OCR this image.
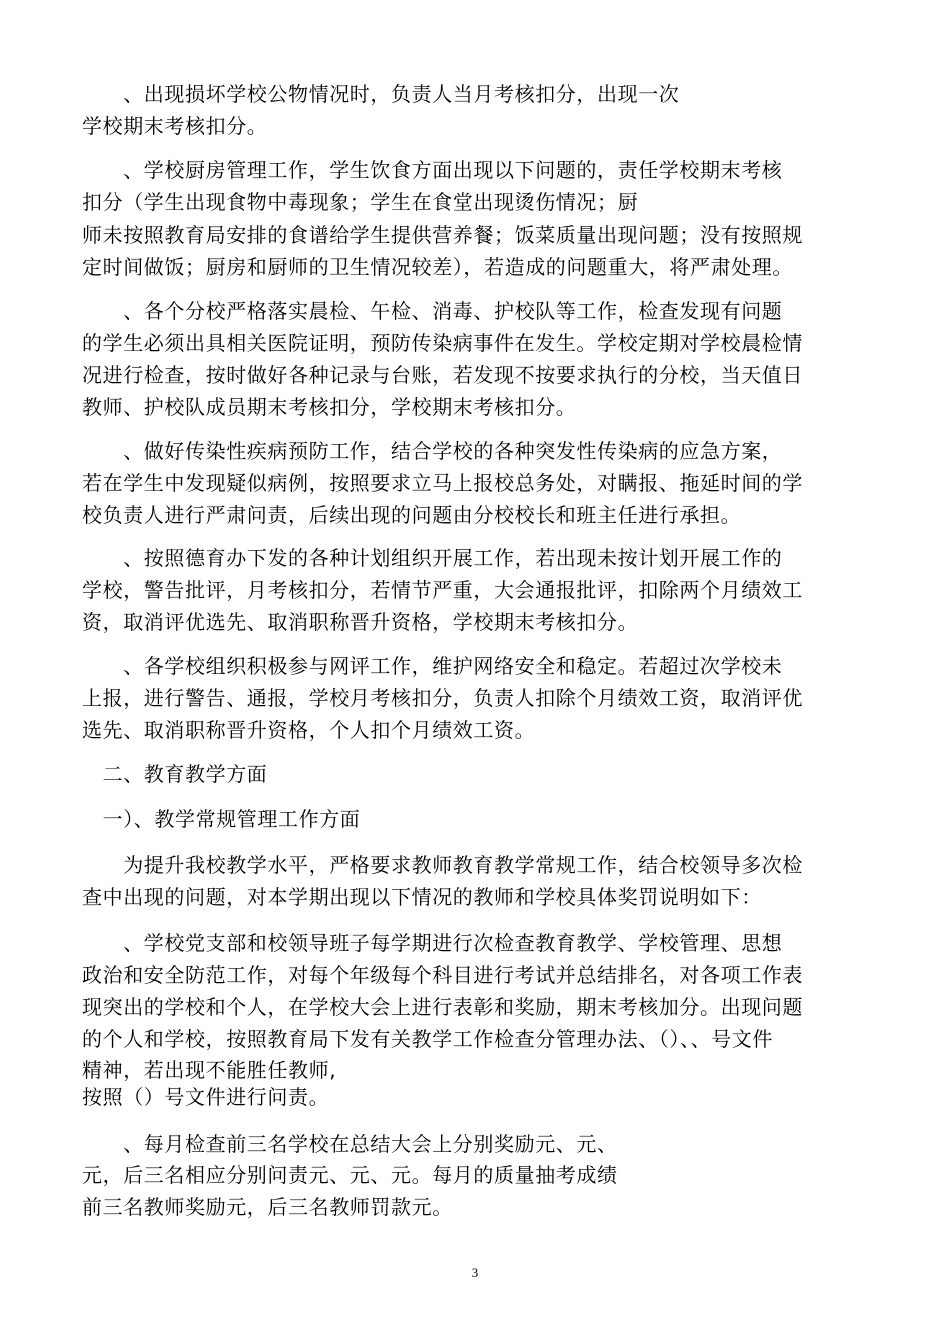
　　、出现损坏学校公物情况时，负责人当月考核扣分，出现一次
学校期末考核扣分。
　　、学校厨房管理工作，学生饮食方面出现以下问题的，责任学校期末考核
扣分（学生出现食物中毒现象；学生在食堂出现烫伤情况；厨
师未按照教育局安排的食谱给学生提供营养餐；饭菜质量出现问题；没有按照规
定时间做饭；厨房和厨师的卫生情况较差），若造成的问题重大，将严肃处理。
　　、各个分校严格落实晨检、午检、消毒、护校队等工作，检查发现有问题
的学生必须出具相关医院证明，预防传染病事件在发生。学校定期对学校晨检情
况进行检查，按时做好各种记录与台账，若发现不按要求执行的分校，当天值日
教师、护校队成员期末考核扣分，学校期末考核扣分。
　　、做好传染性疾病预防工作，结合学校的各种突发性传染病的应急方案，
若在学生中发现疑似病例，按照要求立马上报校总务处，对瞒报、拖延时间的学
校负责人进行严肃问责，后续出现的问题由分校校长和班主任进行承担。
　　、按照德育办下发的各种计划组织开展工作，若出现未按计划开展工作的
学校，警告批评，月考核扣分，若情节严重，大会通报批评，扣除两个月绩效工
资，取消评优选先、取消职称晋升资格，学校期末考核扣分。
　　、各学校组织积极参与网评工作，维护网络安全和稳定。若超过次学校未
上报，进行警告、通报，学校月考核扣分，负责人扣除个月绩效工资，取消评优
选先、取消职称晋升资格，个人扣个月绩效工资。
　二、教育教学方面
　一）、教学常规管理工作方面
　　为提升我校教学水平，严格要求教师教育教学常规工作，结合校领导多次检
查中出现的问题，对本学期出现以下情况的教师和学校具体奖罚说明如下：
　　、学校党支部和校领导班子每学期进行次检查教育教学、学校管理、思想
政治和安全防范工作，对每个年级每个科目进行考试并总结排名，对各项工作表
现突出的学校和个人，在学校大会上进行表彰和奖励，期末考核加分。出现问题
的个人和学校，按照教育局下发有关教学工作检查分管理办法、（）、、号文件
精神，若出现不能胜任教师,
按照（）号文件进行问责。
　　、每月检查前三名学校在总结大会上分别奖励元、元、
元，后三名相应分别问责元、元、元。每月的质量抽考成绩
前三名教师奖励元，后三名教师罚款元。
3
